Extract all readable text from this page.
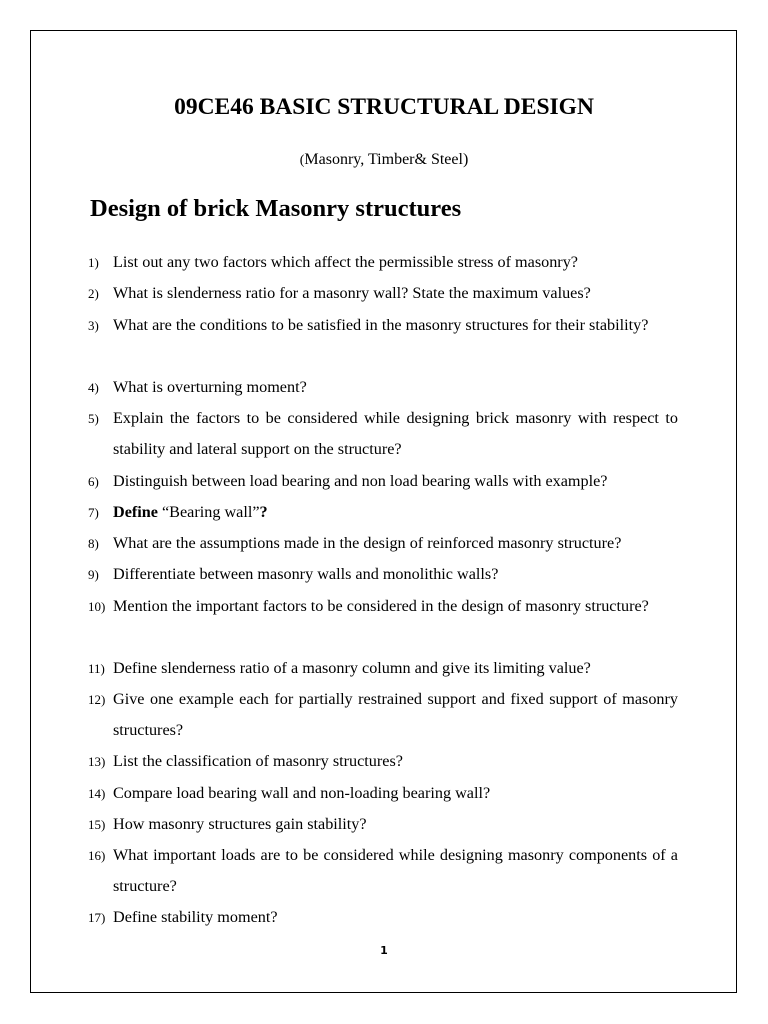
09CE46 BASIC STRUCTURAL DESIGN

(Masonry, Timber& Steel)

Design of brick Masonry structures
1) List out any two factors which affect the permissible stress of masonry?
2) What is slenderness ratio for a masonry wall? State the maximum values?
3) What are the conditions to be satisfied in the masonry structures for their stability?
4) What is overturning moment?
5) Explain the factors to be considered while designing brick masonry with respect to stability and lateral support on the structure?
6) Distinguish between load bearing and non load bearing walls with example?
7) Define “Bearing wall”?
8) What are the assumptions made in the design of reinforced masonry structure?
9) Differentiate between masonry walls and monolithic walls?
10) Mention the important factors to be considered in the design of masonry structure?
11) Define slenderness ratio of a masonry column and give its limiting value?
12) Give one example each for partially restrained support and fixed support of masonry structures?
13) List the classification of masonry structures?
14) Compare load bearing wall and non-loading bearing wall?
15) How masonry structures gain stability?
16) What important loads are to be considered while designing masonry components of a structure?
17) Define stability moment?

1
